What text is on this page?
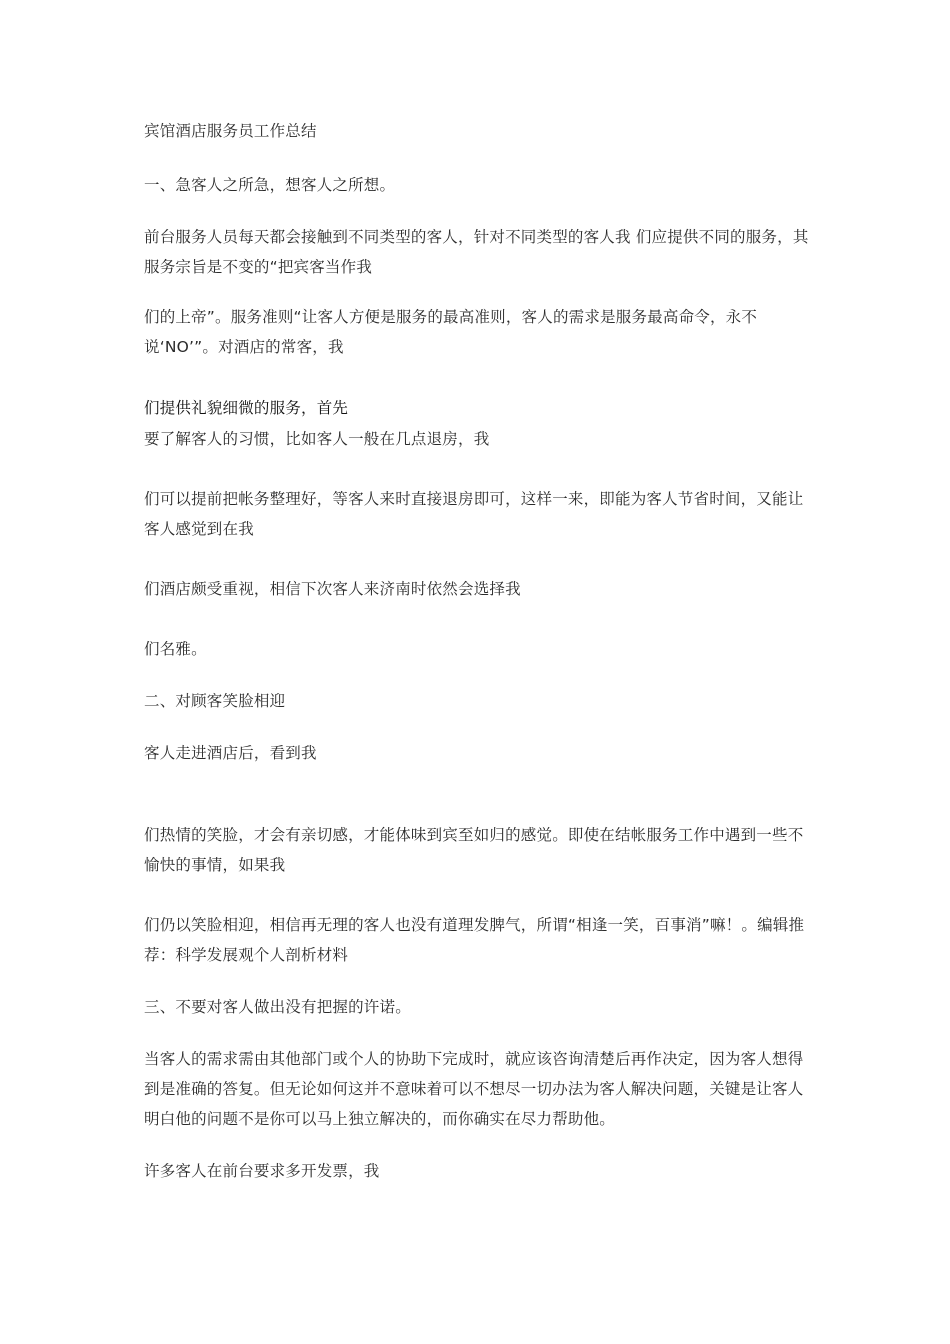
宾馆酒店服务员工作总结
一、急客人之所急，想客人之所想。
前台服务人员每天都会接触到不同类型的客人，针对不同类型的客人我 们应提供不同的服务，其服务宗旨是不变的“把宾客当作我
们的上帝”。服务准则“让客人方便是服务的最高准则，客人的需求是服务最高命令，永不说‘NO’”。对酒店的常客，我
们提供礼貌细微的服务，首先
要了解客人的习惯，比如客人一般在几点退房，我
们可以提前把帐务整理好，等客人来时直接退房即可，这样一来，即能为客人节省时间，又能让客人感觉到在我
们酒店颇受重视，相信下次客人来济南时依然会选择我
们名雅。
二、对顾客笑脸相迎
客人走进酒店后，看到我
们热情的笑脸，才会有亲切感，才能体味到宾至如归的感觉。即使在结帐服务工作中遇到一些不愉快的事情，如果我
们仍以笑脸相迎，相信再无理的客人也没有道理发脾气，所谓“相逢一笑，百事消”嘛！。编辑推荐：科学发展观个人剖析材料
三、不要对客人做出没有把握的许诺。
当客人的需求需由其他部门或个人的协助下完成时，就应该咨询清楚后再作决定，因为客人想得到是准确的答复。但无论如何这并不意味着可以不想尽一切办法为客人解决问题，关键是让客人明白他的问题不是你可以马上独立解决的，而你确实在尽力帮助他。
许多客人在前台要求多开发票，我
